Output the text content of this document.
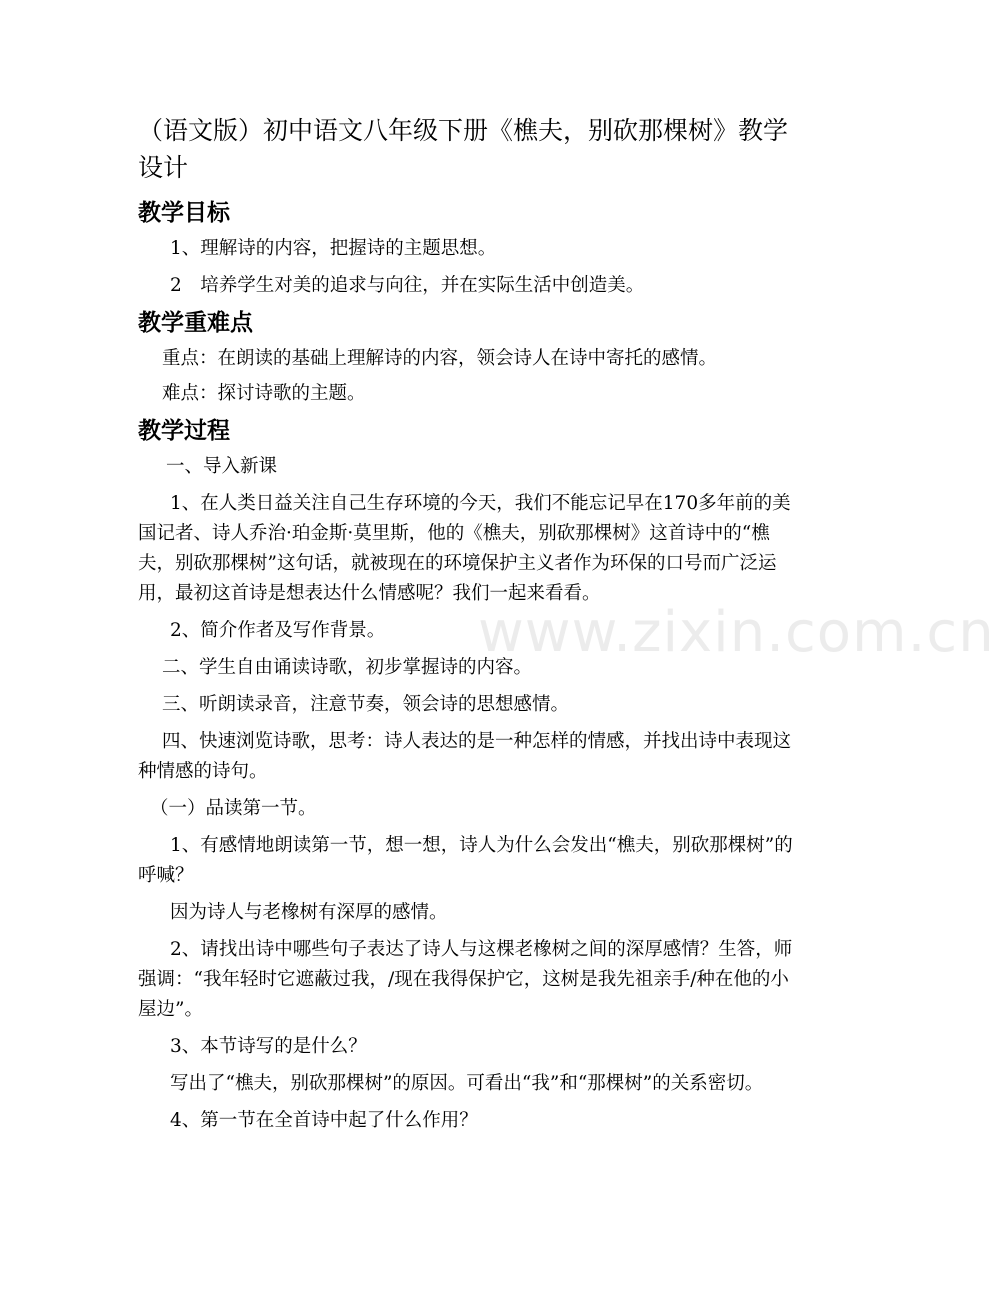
（语文版）初中语文八年级下册《樵夫，别砍那棵树》教学设计
教学目标
1、理解诗的内容，把握诗的主题思想。
2　培养学生对美的追求与向往，并在实际生活中创造美。
教学重难点
重点：在朗读的基础上理解诗的内容，领会诗人在诗中寄托的感情。
难点：探讨诗歌的主题。
教学过程
一、导入新课
1、在人类日益关注自己生存环境的今天，我们不能忘记早在170多年前的美国记者、诗人乔治·珀金斯·莫里斯，他的《樵夫，别砍那棵树》这首诗中的“樵夫，别砍那棵树”这句话，就被现在的环境保护主义者作为环保的口号而广泛运用，最初这首诗是想表达什么情感呢？我们一起来看看。
2、简介作者及写作背景。
二、学生自由诵读诗歌，初步掌握诗的内容。
三、听朗读录音，注意节奏，领会诗的思想感情。
四、快速浏览诗歌，思考：诗人表达的是一种怎样的情感，并找出诗中表现这种情感的诗句。
（一）品读第一节。
1、有感情地朗读第一节，想一想，诗人为什么会发出“樵夫，别砍那棵树”的呼喊？
因为诗人与老橡树有深厚的感情。
2、请找出诗中哪些句子表达了诗人与这棵老橡树之间的深厚感情？生答，师强调：“我年轻时它遮蔽过我，/现在我得保护它，这树是我先祖亲手/种在他的小屋边”。
3、本节诗写的是什么？
写出了“樵夫，别砍那棵树”的原因。可看出“我”和“那棵树”的关系密切。
4、第一节在全首诗中起了什么作用？
www.zixin.com.cn
